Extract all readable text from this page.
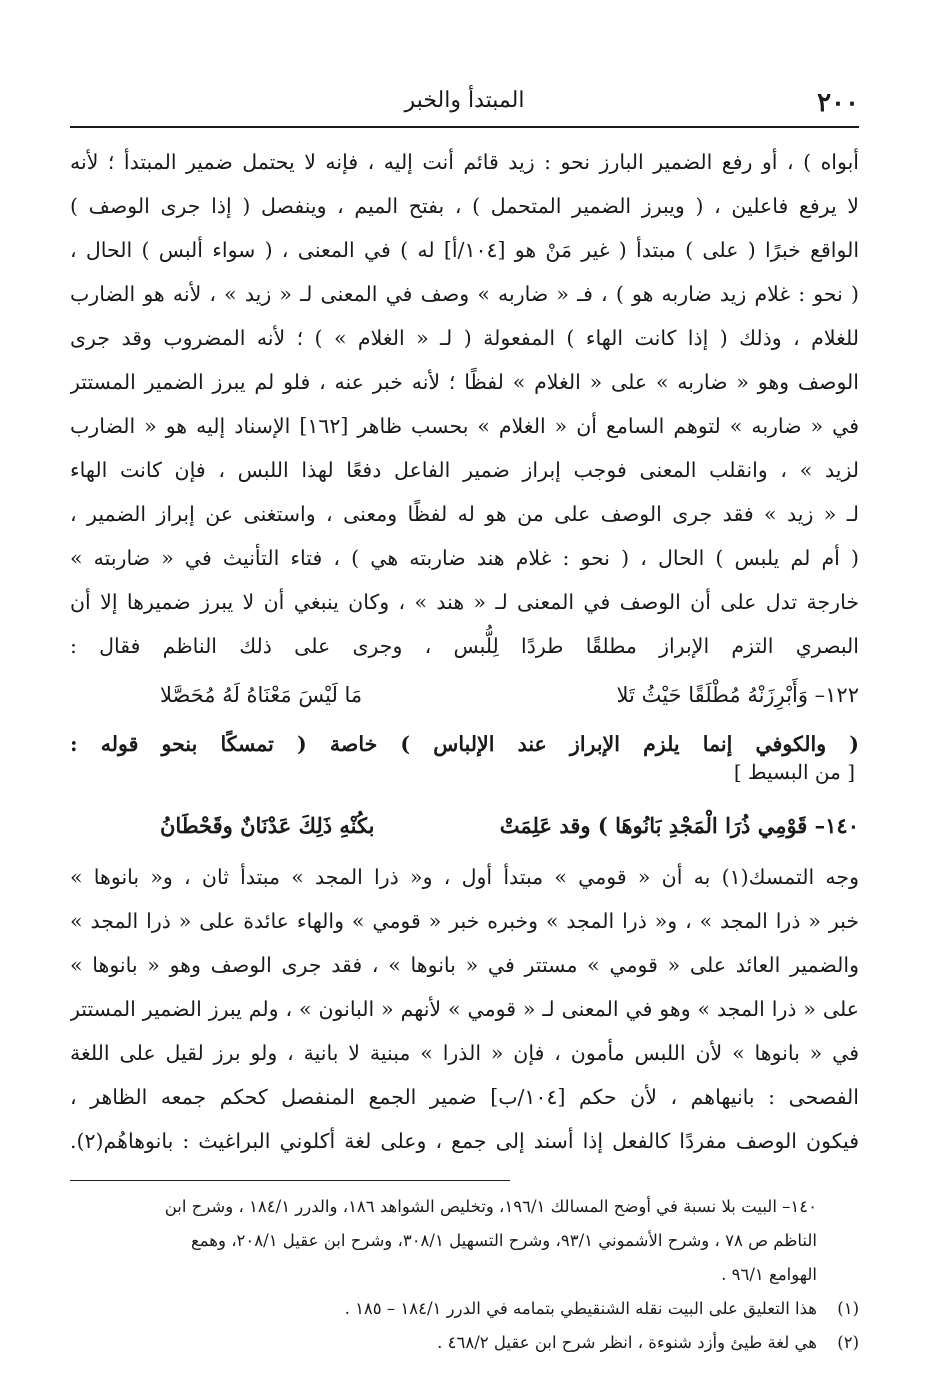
٢٠٠
المبتدأ والخبر
أبواه ) ، أو رفع الضمير البارز نحو : زيد قائم أنت إليه ، فإنه لا يحتمل ضمير المبتدأ ؛ لأنه
لا يرفع فاعلين ، ( ويبرز الضمير المتحمل ) ، بفتح الميم ، وينفصل ( إذا جرى الوصف )
الواقع خبرًا ( على ) مبتدأ ( غير مَنْ هو [١٠٤/أ] له ) في المعنى ، ( سواء ألبس ) الحال ،
( نحو : غلام زيد ضاربه هو ) ، فـ « ضاربه » وصف في المعنى لـ « زيد » ، لأنه هو الضارب
للغلام ، وذلك ( إذا كانت الهاء ) المفعولة ( لـ « الغلام » ) ؛ لأنه المضروب وقد جرى
الوصف وهو « ضاربه » على « الغلام » لفظًا ؛ لأنه خبر عنه ، فلو لم يبرز الضمير المستتر
في « ضاربه » لتوهم السامع أن « الغلام » بحسب ظاهر [١٦٢] الإسناد إليه هو « الضارب
لزيد » ، وانقلب المعنى فوجب إبراز ضمير الفاعل دفعًا لهذا اللبس ، فإن كانت الهاء
لـ « زيد » فقد جرى الوصف على من هو له لفظًا ومعنى ، واستغنى عن إبراز الضمير ،
( أم لم يلبس ) الحال ، ( نحو : غلام هند ضاربته هي ) ، فتاء التأنيث في « ضاربته »
خارجة تدل على أن الوصف في المعنى لـ « هند » ، وكان ينبغي أن لا يبرز ضميرها إلا أن
البصري التزم الإبراز مطلقًا طردًا لِلُّبس ، وجرى على ذلك الناظم فقال :
١٢٢– وَأَبْرِزَنْهُ مُطْلَقًا حَيْثُ تَلا
مَا لَيْسَ مَعْنَاهُ لَهُ مُحَصَّلا
( والكوفي إنما يلزم الإبراز عند الإلباس ) خاصة ( تمسكًا بنحو قوله :
[ من البسيط ]
١٤٠– قَوْمِي ذُرَا الْمَجْدِ بَانُوهَا ) وقد عَلِمَتْ
بكُنْهِ ذَلِكَ عَدْنَانٌ وقَحْطَانُ
وجه التمسك(١) به أن « قومي » مبتدأ أول ، و« ذرا المجد » مبتدأ ثان ، و« بانوها »
خبر « ذرا المجد » ، و« ذرا المجد » وخبره خبر « قومي » والهاء عائدة على « ذرا المجد »
والضمير العائد على « قومي » مستتر في « بانوها » ، فقد جرى الوصف وهو « بانوها »
على « ذرا المجد » وهو في المعنى لـ « قومي » لأنهم « البانون » ، ولم يبرز الضمير المستتر
في « بانوها » لأن اللبس مأمون ، فإن « الذرا » مبنية لا بانية ، ولو برز لقيل على اللغة
الفصحى : بانيهاهم ، لأن حكم [١٠٤/ب] ضمير الجمع المنفصل كحكم جمعه الظاهر ،
فيكون الوصف مفردًا كالفعل إذا أسند إلى جمع ، وعلى لغة أكلوني البراغيث : بانوهاهُم(٢).
١٤٠– البيت بلا نسبة في أوضح المسالك ١٩٦/١، وتخليص الشواهد ١٨٦، والدرر ١٨٤/١ ، وشرح ابن
الناظم ص ٧٨ ، وشرح الأشموني ٩٣/١، وشرح التسهيل ٣٠٨/١، وشرح ابن عقيل ٢٠٨/١، وهمع
الهوامع ٩٦/١ .
(١)هذا التعليق على البيت نقله الشنقيطي بتمامه في الدرر ١٨٤/١ – ١٨٥ .
(٢)هي لغة طيئ وأزد شنوءة ، انظر شرح ابن عقيل ٤٦٨/٢ .
